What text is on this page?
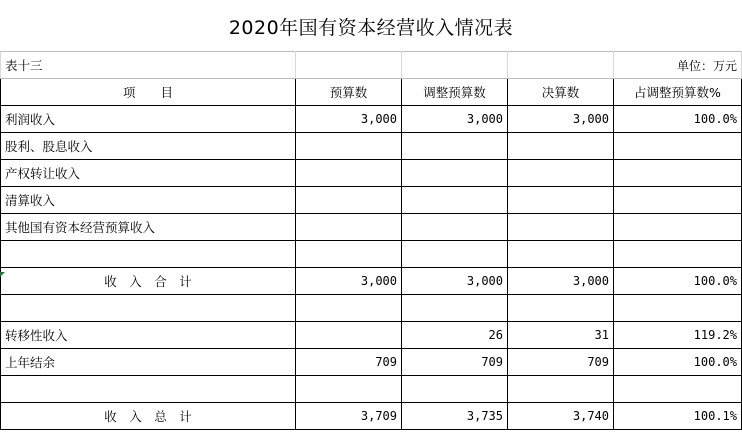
2020年国有资本经营收入情况表
表十三				单位：万元
项　　目	预算数	调整预算数	决算数	占调整预算数%
利润收入	3,000	3,000	3,000	100.0%
股利、股息收入				
产权转让收入				
清算收入				
其他国有资本经营预算收入				

收　入　合　计	3,000	3,000	3,000	100.0%

转移性收入		26	31	119.2%
上年结余	709	709	709	100.0%

收　入　总　计	3,709	3,735	3,740	100.1%
